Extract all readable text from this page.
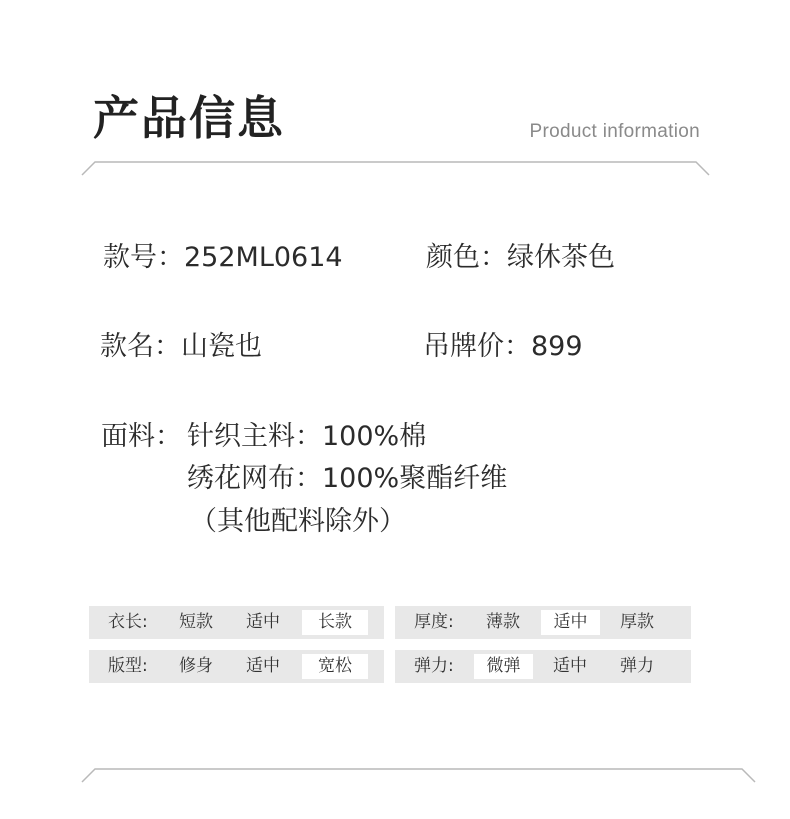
产品信息	Product information
款号：252ML0614	颜色：绿休茶色
款名：山瓷也	吊牌价：899
面料： 针织主料：100%棉
绣花网布：100%聚酯纤维
（其他配料除外）
衣长: 短款 适中	长款	厚度: 薄款	适中	厚款
版型: 修身 适中	宽松	弹力:	微弹	适中 弹力
